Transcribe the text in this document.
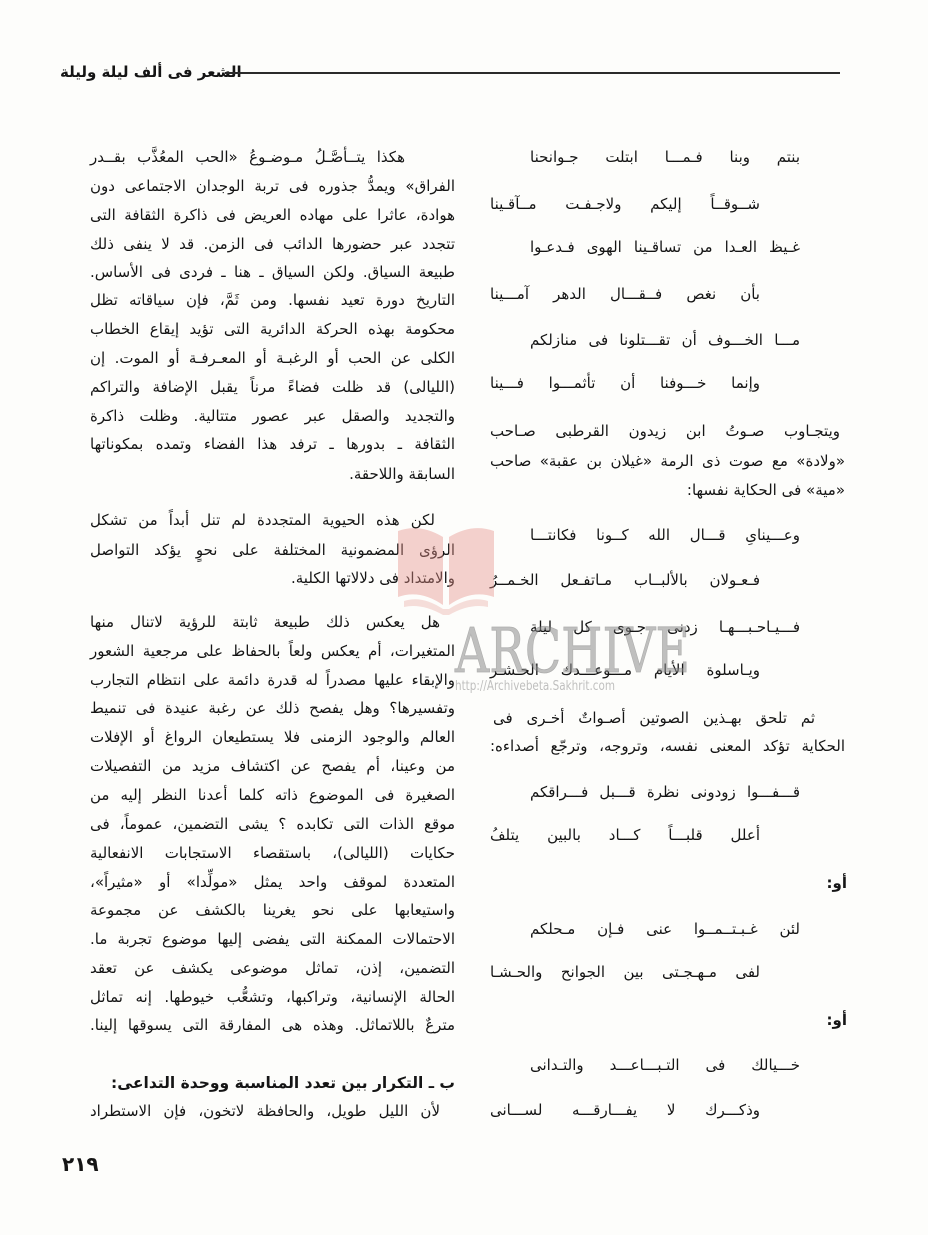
الشعر فى ألف ليلة وليلة
هكذا يتــأصَّـلُ مـوضـوعُ «الحب المعُذَّب بقــدر
الفراق» ويمدُّ جذوره فى تربة الوجدان الاجتماعى دون
هوادة، عاثرا على مهاده العريض فى ذاكرة الثقافة التى
تتجدد عبر حضورها الدائب فى الزمن. قد لا ينفى ذلك
طبيعة السياق. ولكن السياق ـ هنا ـ فردى فى الأساس.
التاريخ دورة تعيد نفسها. ومن ثَمَّ، فإن سياقاته تظل
محكومة بهذه الحركة الدائرية التى تؤيد إيقاع الخطاب
الكلى عن الحب أو الرغبـة أو المعـرفـة أو الموت. إن
(الليالى) قد ظلت فضاءً مرناً يقبل الإضافة والتراكم
والتجديد والصقل عبر عصور متتالية. وظلت ذاكرة
الثقافة ـ بدورها ـ ترفد هذا الفضاء وتمده بمكوناتها
السابقة واللاحقة.
لكن هذه الحيوية المتجددة لم تنل أبداً من تشكل
الرؤى المضمونية المختلفة على نحوٍ يؤكد التواصل
والامتداد فى دلالاتها الكلية.
هل يعكس ذلك طبيعة ثابتة للرؤية لاتنال منها
المتغيرات، أم يعكس ولعاً بالحفاظ على مرجعية الشعور
والإبقاء عليها مصدراً له قدرة دائمة على انتظام التجارب
وتفسيرها؟ وهل يفصح ذلك عن رغبة عنيدة فى تنميط
العالم والوجود الزمنى فلا يستطيعان الرواغ أو الإفلات
من وعينا، أم يفصح عن اكتشاف مزيد من التفصيلات
الصغيرة فى الموضوع ذاته كلما أعدنا النظر إليه من
موقع الذات التى تكابده ؟ يشى التضمين، عموماً، فى
حكايات (الليالى)، باستقصاء الاستجابات الانفعالية
المتعددة لموقف واحد يمثل «مولِّدا» أو «مثيراً»،
واستيعابها على نحو يغرينا بالكشف عن مجموعة
الاحتمالات الممكنة التى يفضى إليها موضوع تجربة ما.
التضمين، إذن، تماثل موضوعى يكشف عن تعقد
الحالة الإنسانية، وتراكبها، وتشعُّب خيوطها. إنه تماثل
مترعٌ باللاتماثل. وهذه هى المفارقة التى يسوقها إلينا.
ب ـ التكرار بين تعدد المناسبة ووحدة التداعى:
لأن الليل طويل، والحافظة لاتخون، فإن الاستطراد
بنتم وبنا فـمـــا ابتلت جـوانحنا
شــوقــاً إليكم ولاجـفـت مــآقـينا
غـيظ العـدا من تساقـينا الهوى فـدعـوا
بأن نغص فــقـــال الدهر آمـــينا
مـــا الخـــوف أن تقـــتلونا فى منازلكم
وإنما خـــوفنا أن تأثمـــوا فـــينا
ويتجـاوب صـوتُ ابن زيدون القرطبى صـاحب
«ولادة» مع صوت ذى الرمة «غيلان بن عقبة» صاحب
«مية» فى الحكاية نفسها:
وعـــيناىِ قـــال الله كــونا فكانتـــا
فـعـولان بالألبــاب مـاتفـعل الخـمــرُ
فـــيـاحـبـــهـا زدنى جـوى كل ليلة
ويـاسلوة الأيام مـــوعـــدك الحـشـر
ثم تلحق بهـذين الصوتين أصـواتٌ أخـرى فى
الحكاية تؤكد المعنى نفسه، وتروجه، وترجّع أصداءه:
قـــفـــوا زودونى نظرة قـــبل فـــراقكم
أعلل قلبـــاً كـــاد بالبين يتلفُ
أو:
لئن غـبـتــمــوا عنى فـإن مـحلكم
لفى مـهـجـتى بين الجوانح والحـشـا
أو:
خـــيالك فى التـبـــاعـــد والتـدانى
وذكـــرك لا يفـــارقـــه لســـانى
٢١٩
ARCHIVE
http://Archivebeta.Sakhrit.com
